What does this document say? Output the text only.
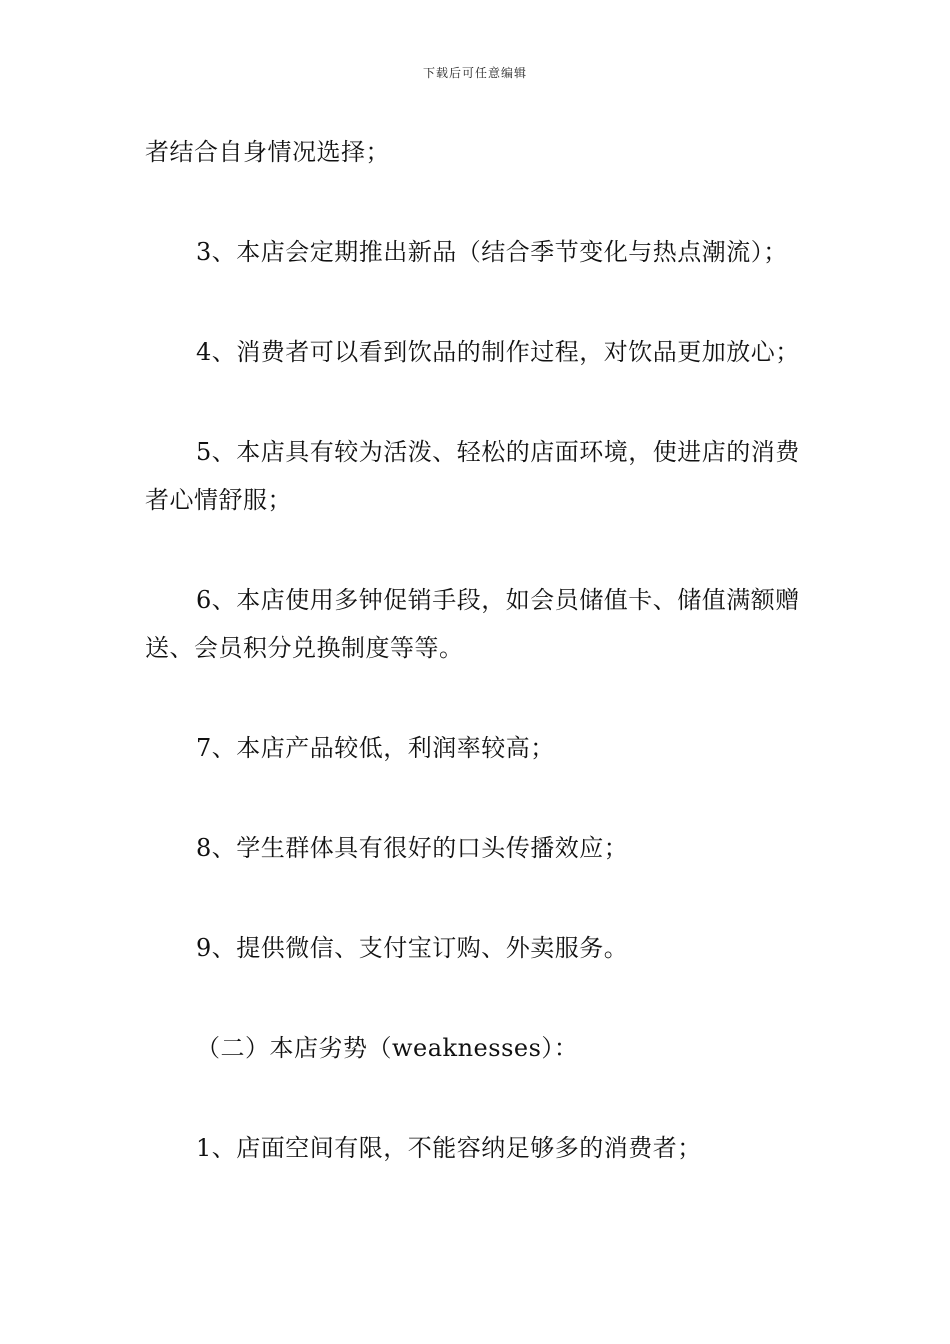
下载后可任意编辑

者结合自身情况选择；

3、本店会定期推出新品（结合季节变化与热点潮流）；

4、消费者可以看到饮品的制作过程，对饮品更加放心；

5、本店具有较为活泼、轻松的店面环境，使进店的消费者心情舒服；

6、本店使用多钟促销手段，如会员储值卡、储值满额赠送、会员积分兑换制度等等。

7、本店产品较低，利润率较高；

8、学生群体具有很好的口头传播效应；

9、提供微信、支付宝订购、外卖服务。

（二）本店劣势（weaknesses）：

1、店面空间有限，不能容纳足够多的消费者；
